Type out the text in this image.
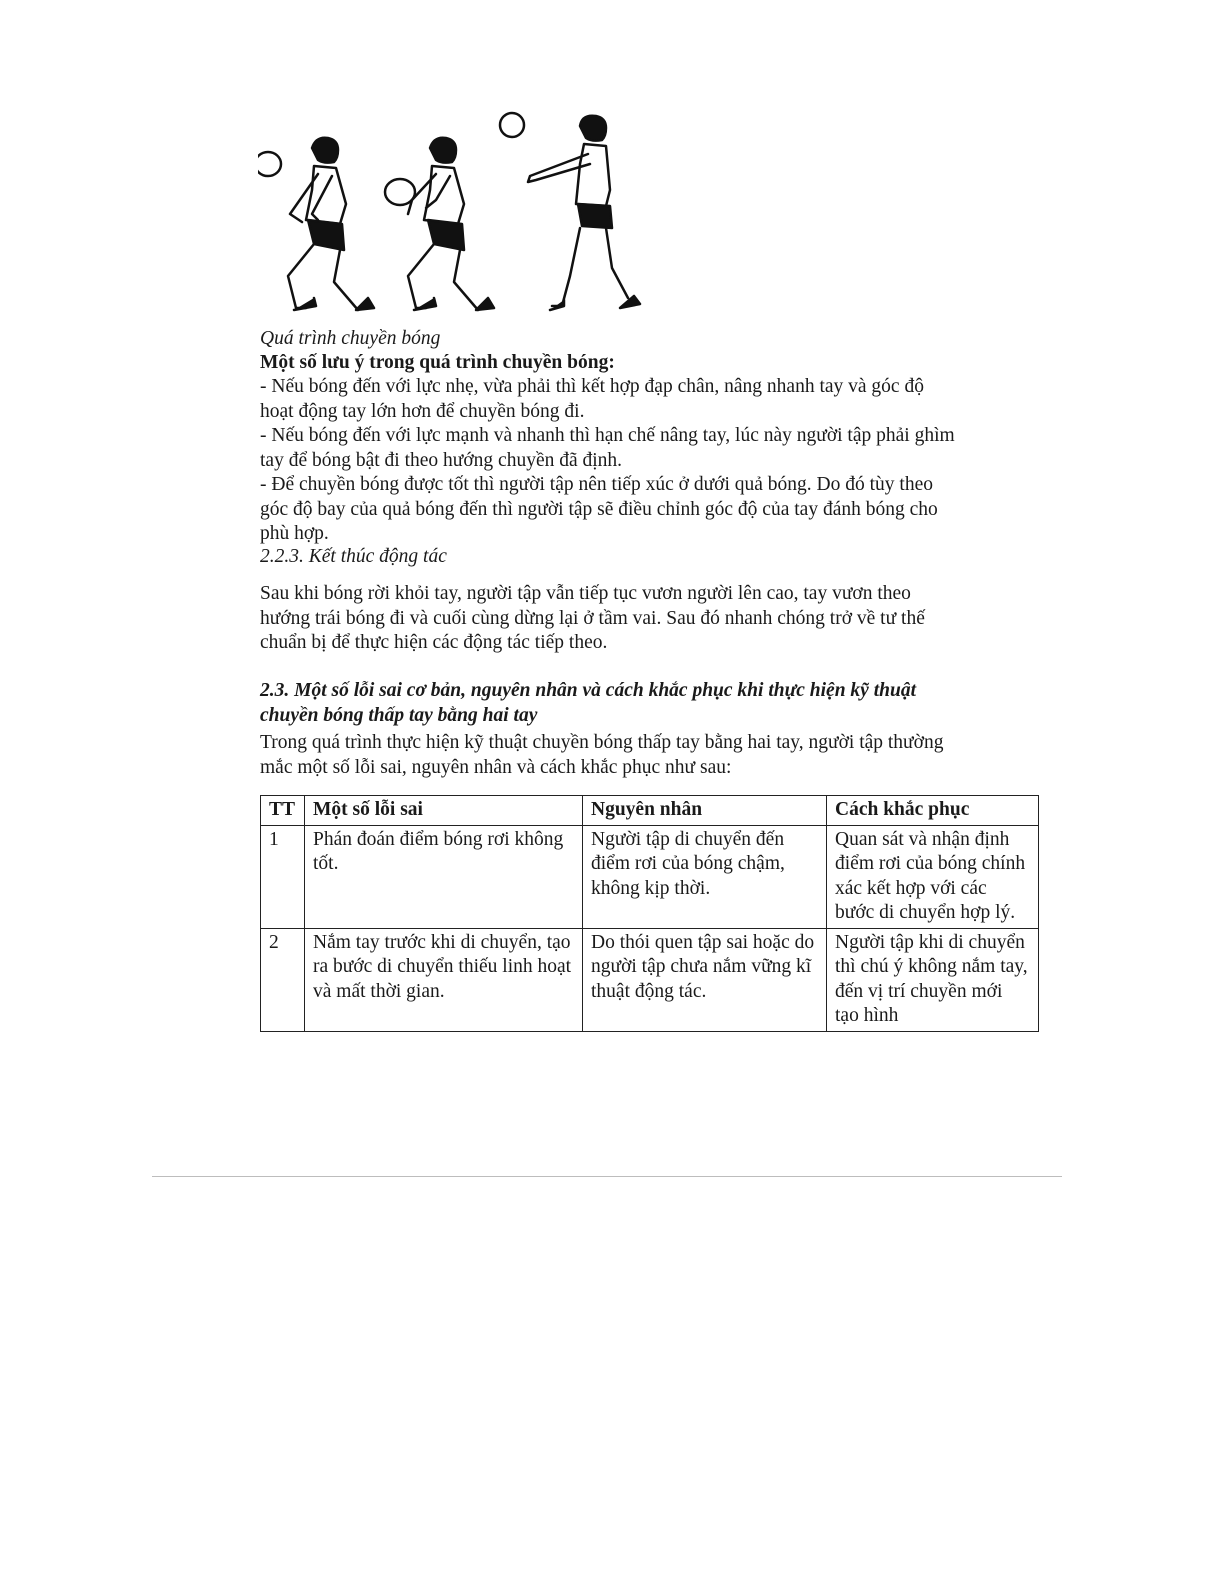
Quá trình chuyền bóng
Một số lưu ý trong quá trình chuyền bóng:

- Nếu bóng đến với lực nhẹ, vừa phải thì kết hợp đạp chân, nâng nhanh tay và góc độ hoạt động tay lớn hơn để chuyền bóng đi.

- Nếu bóng đến với lực mạnh và nhanh thì hạn chế nâng tay, lúc này người tập phải ghìm tay để bóng bật đi theo hướng chuyền đã định.

- Để chuyền bóng được tốt thì người tập nên tiếp xúc ở dưới quả bóng. Do đó tùy theo góc độ bay của quả bóng đến thì người tập sẽ điều chỉnh góc độ của tay đánh bóng cho phù hợp.

2.2.3. Kết thúc động tác
Sau khi bóng rời khỏi tay, người tập vẫn tiếp tục vươn người lên cao, tay vươn theo hướng trái bóng đi và cuối cùng dừng lại ở tầm vai. Sau đó nhanh chóng trở về tư thế chuẩn bị để thực hiện các động tác tiếp theo.
2.3. Một số lỗi sai cơ bản, nguyên nhân và cách khắc phục khi thực hiện kỹ thuật chuyền bóng thấp tay bằng hai tay
Trong quá trình thực hiện kỹ thuật chuyền bóng thấp tay bằng hai tay, người tập thường mắc một số lỗi sai, nguyên nhân và cách khắc phục như sau:
TT	Một số lỗi sai	Nguyên nhân	Cách khắc phục
1	Phán đoán điểm bóng rơi không tốt.	Người tập di chuyển đến điểm rơi của bóng chậm, không kịp thời.	Quan sát và nhận định điểm rơi của bóng chính xác kết hợp với các bước di chuyển hợp lý.
2	Nắm tay trước khi di chuyển, tạo ra bước di chuyển thiếu linh hoạt và mất thời gian.	Do thói quen tập sai hoặc do người tập chưa nắm vững kĩ thuật động tác.	Người tập khi di chuyển thì chú ý không nắm tay, đến vị trí chuyền mới tạo hình
